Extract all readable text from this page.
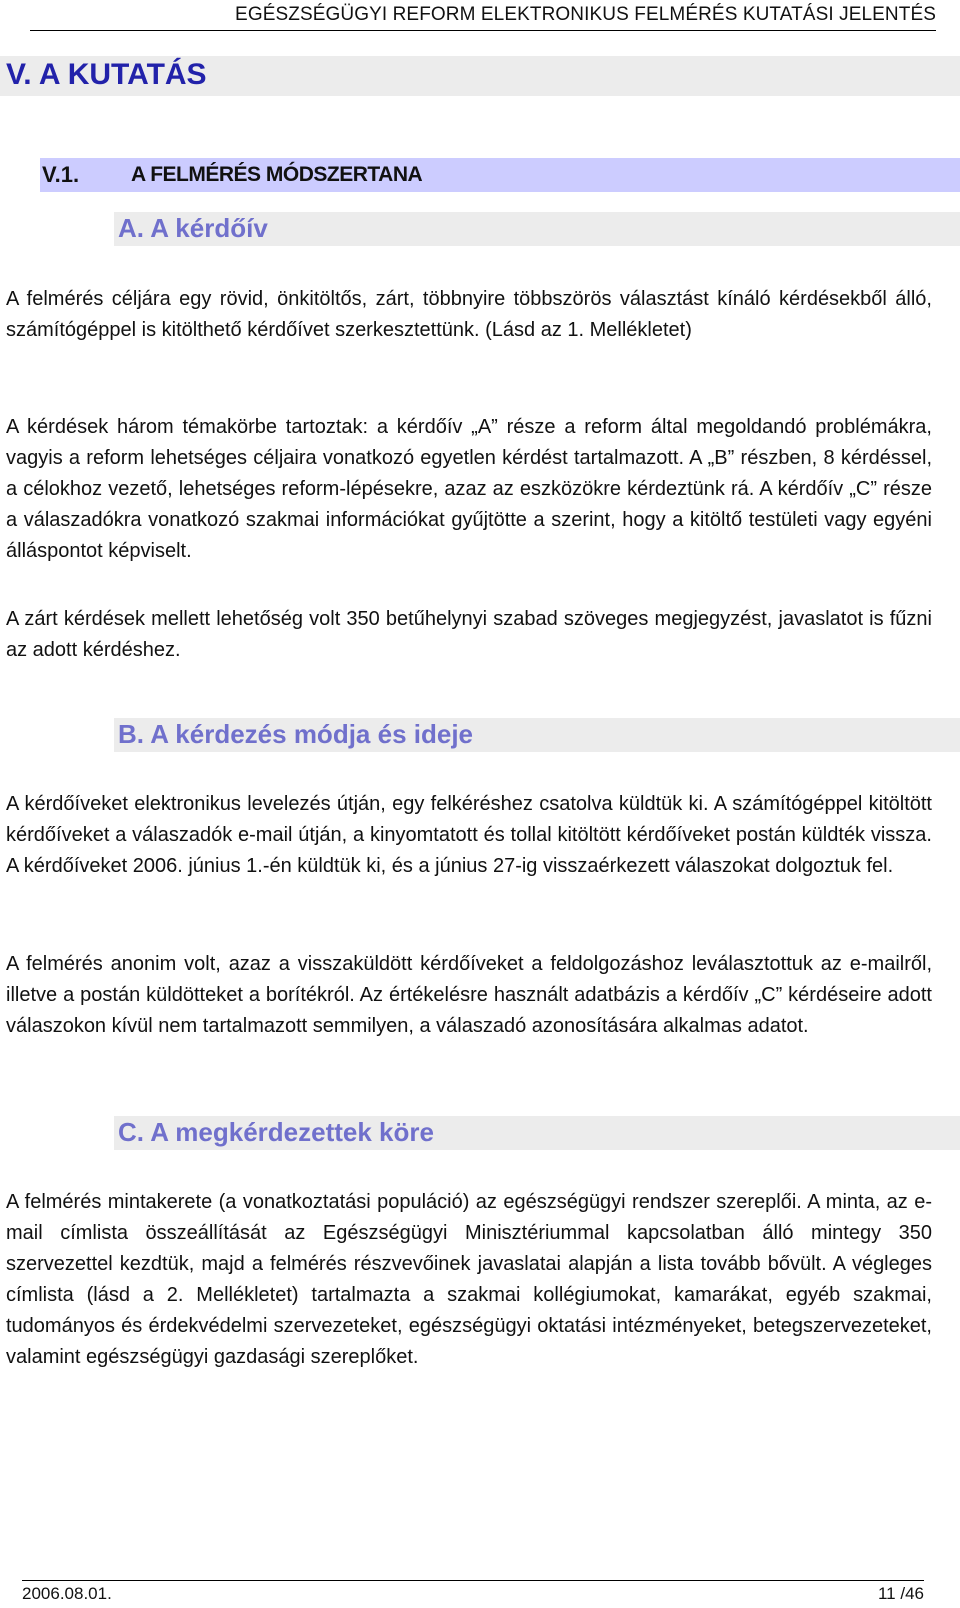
EGÉSZSÉGÜGYI REFORM ELEKTRONIKUS FELMÉRÉS KUTATÁSI JELENTÉS
V. A KUTATÁS
V.1. A FELMÉRÉS MÓDSZERTANA
A. A kérdőív

A felmérés céljára egy rövid, önkitöltős, zárt, többnyire többszörös választást kínáló kérdésekből álló, számítógéppel is kitölthető kérdőívet szerkesztettünk. (Lásd az 1. Mellékletet)

A kérdések három témakörbe tartoztak: a kérdőív „A” része a reform által megoldandó problémákra, vagyis a reform lehetséges céljaira vonatkozó egyetlen kérdést tartalmazott. A „B” részben, 8 kérdéssel, a célokhoz vezető, lehetséges reform-lépésekre, azaz az eszközökre kérdeztünk rá. A kérdőív „C” része a válaszadókra vonatkozó szakmai információkat gyűjtötte a szerint, hogy a kitöltő testületi vagy egyéni álláspontot képviselt.

A zárt kérdések mellett lehetőség volt 350 betűhelynyi szabad szöveges megjegyzést, javaslatot is fűzni az adott kérdéshez.

B. A kérdezés módja és ideje

A kérdőíveket elektronikus levelezés útján, egy felkéréshez csatolva küldtük ki. A számítógéppel kitöltött kérdőíveket a válaszadók e-mail útján, a kinyomtatott és tollal kitöltött kérdőíveket postán küldték vissza. A kérdőíveket 2006. június 1.-én küldtük ki, és a június 27-ig visszaérkezett válaszokat dolgoztuk fel.

A felmérés anonim volt, azaz a visszaküldött kérdőíveket a feldolgozáshoz leválasztottuk az e-mailről, illetve a postán küldötteket a borítékról. Az értékelésre használt adatbázis a kérdőív „C” kérdéseire adott válaszokon kívül nem tartalmazott semmilyen, a válaszadó azonosítására alkalmas adatot.

C. A megkérdezettek köre

A felmérés mintakerete (a vonatkoztatási populáció) az egészségügyi rendszer szereplői. A minta, az e-mail címlista összeállítását az Egészségügyi Minisztériummal kapcsolatban álló mintegy 350 szervezettel kezdtük, majd a felmérés részvevőinek javaslatai alapján a lista tovább bővült. A végleges címlista (lásd a 2. Mellékletet) tartalmazta a szakmai kollégiumokat, kamarákat, egyéb szakmai, tudományos és érdekvédelmi szervezeteket, egészségügyi oktatási intézményeket, betegszervezeteket, valamint egészségügyi gazdasági szereplőket.

2006.08.01.	11 /46
